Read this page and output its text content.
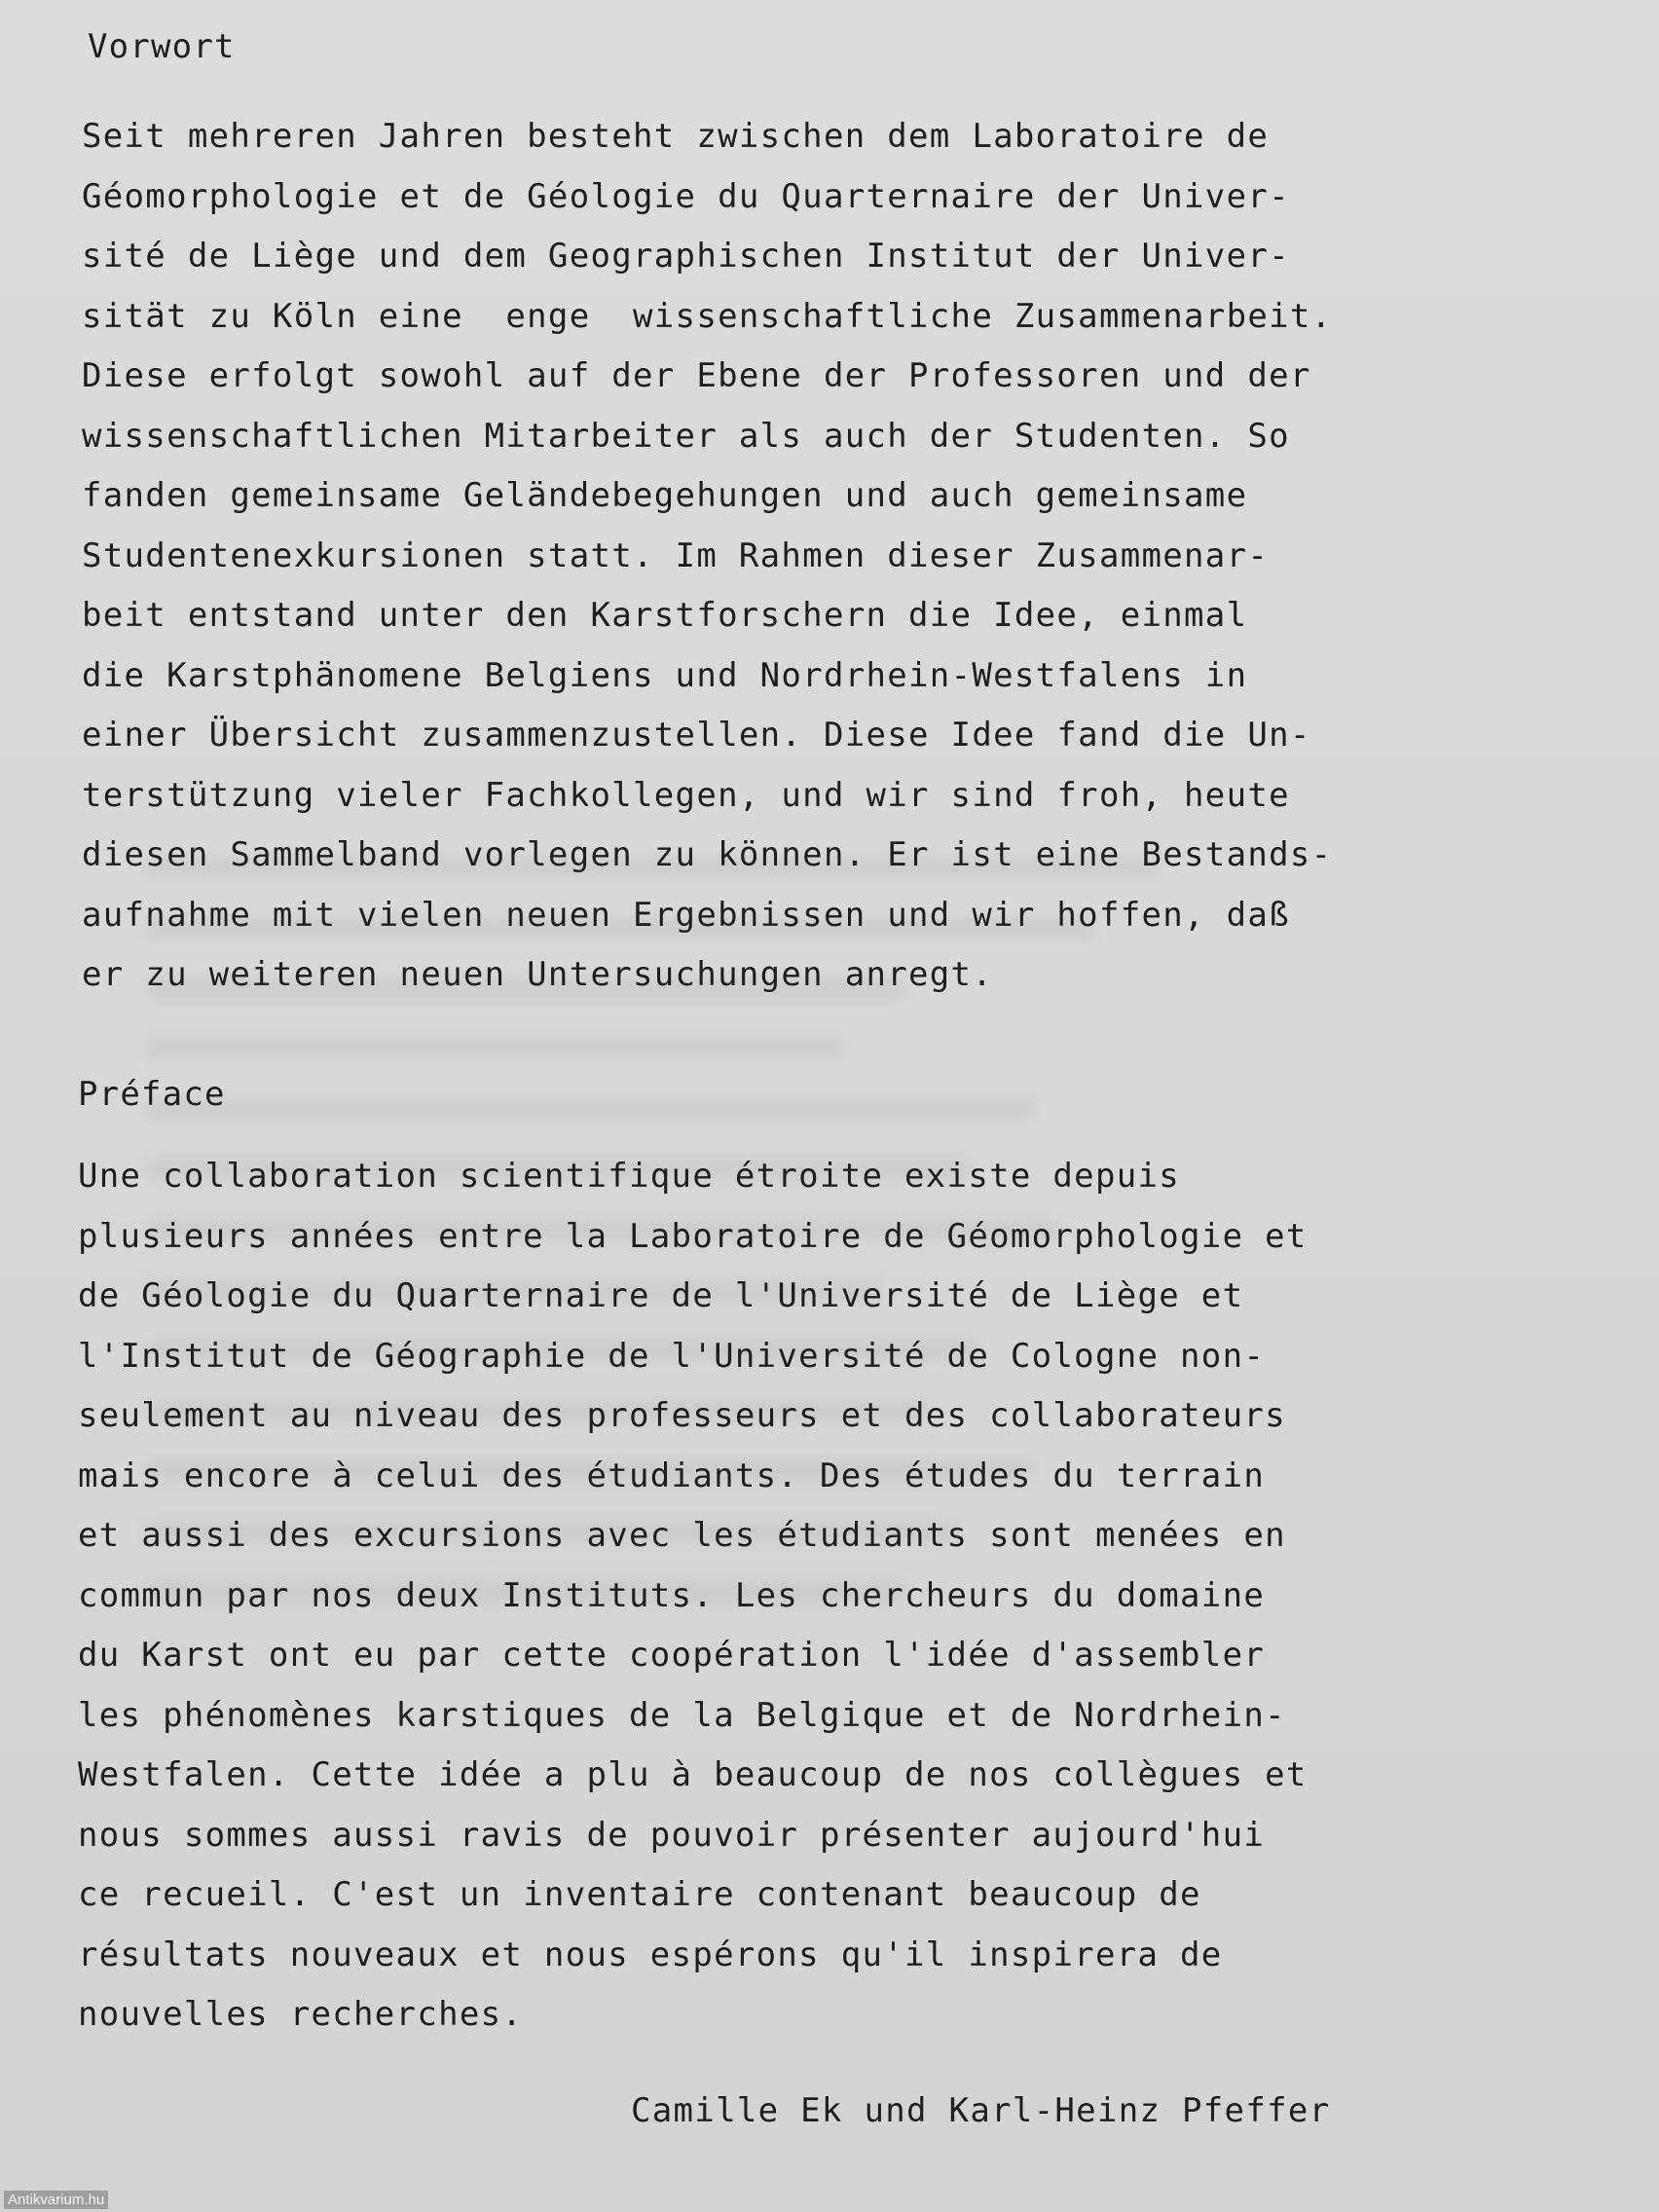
Vorwort

Seit mehreren Jahren besteht zwischen dem Laboratoire de

Géomorphologie et de Géologie du Quarternaire der Univer-

sité de Liège und dem Geographischen Institut der Univer-

sität zu Köln eine  enge  wissenschaftliche Zusammenarbeit.

Diese erfolgt sowohl auf der Ebene der Professoren und der

wissenschaftlichen Mitarbeiter als auch der Studenten. So

fanden gemeinsame Geländebegehungen und auch gemeinsame

Studentenexkursionen statt. Im Rahmen dieser Zusammenar-

beit entstand unter den Karstforschern die Idee, einmal

die Karstphänomene Belgiens und Nordrhein-Westfalens in

einer Übersicht zusammenzustellen. Diese Idee fand die Un-

terstützung vieler Fachkollegen, und wir sind froh, heute

diesen Sammelband vorlegen zu können. Er ist eine Bestands-

aufnahme mit vielen neuen Ergebnissen und wir hoffen, daß

er zu weiteren neuen Untersuchungen anregt.

Préface

Une collaboration scientifique étroite existe depuis

plusieurs années entre la Laboratoire de Géomorphologie et

de Géologie du Quarternaire de l'Université de Liège et

l'Institut de Géographie de l'Université de Cologne non-

seulement au niveau des professeurs et des collaborateurs

mais encore à celui des étudiants. Des études du terrain

et aussi des excursions avec les étudiants sont menées en

commun par nos deux Instituts. Les chercheurs du domaine

du Karst ont eu par cette coopération l'idée d'assembler

les phénomènes karstiques de la Belgique et de Nordrhein-

Westfalen. Cette idée a plu à beaucoup de nos collègues et

nous sommes aussi ravis de pouvoir présenter aujourd'hui

ce recueil. C'est un inventaire contenant beaucoup de

résultats nouveaux et nous espérons qu'il inspirera de

nouvelles recherches.

Camille Ek und Karl-Heinz Pfeffer

Antikvarium.hu
